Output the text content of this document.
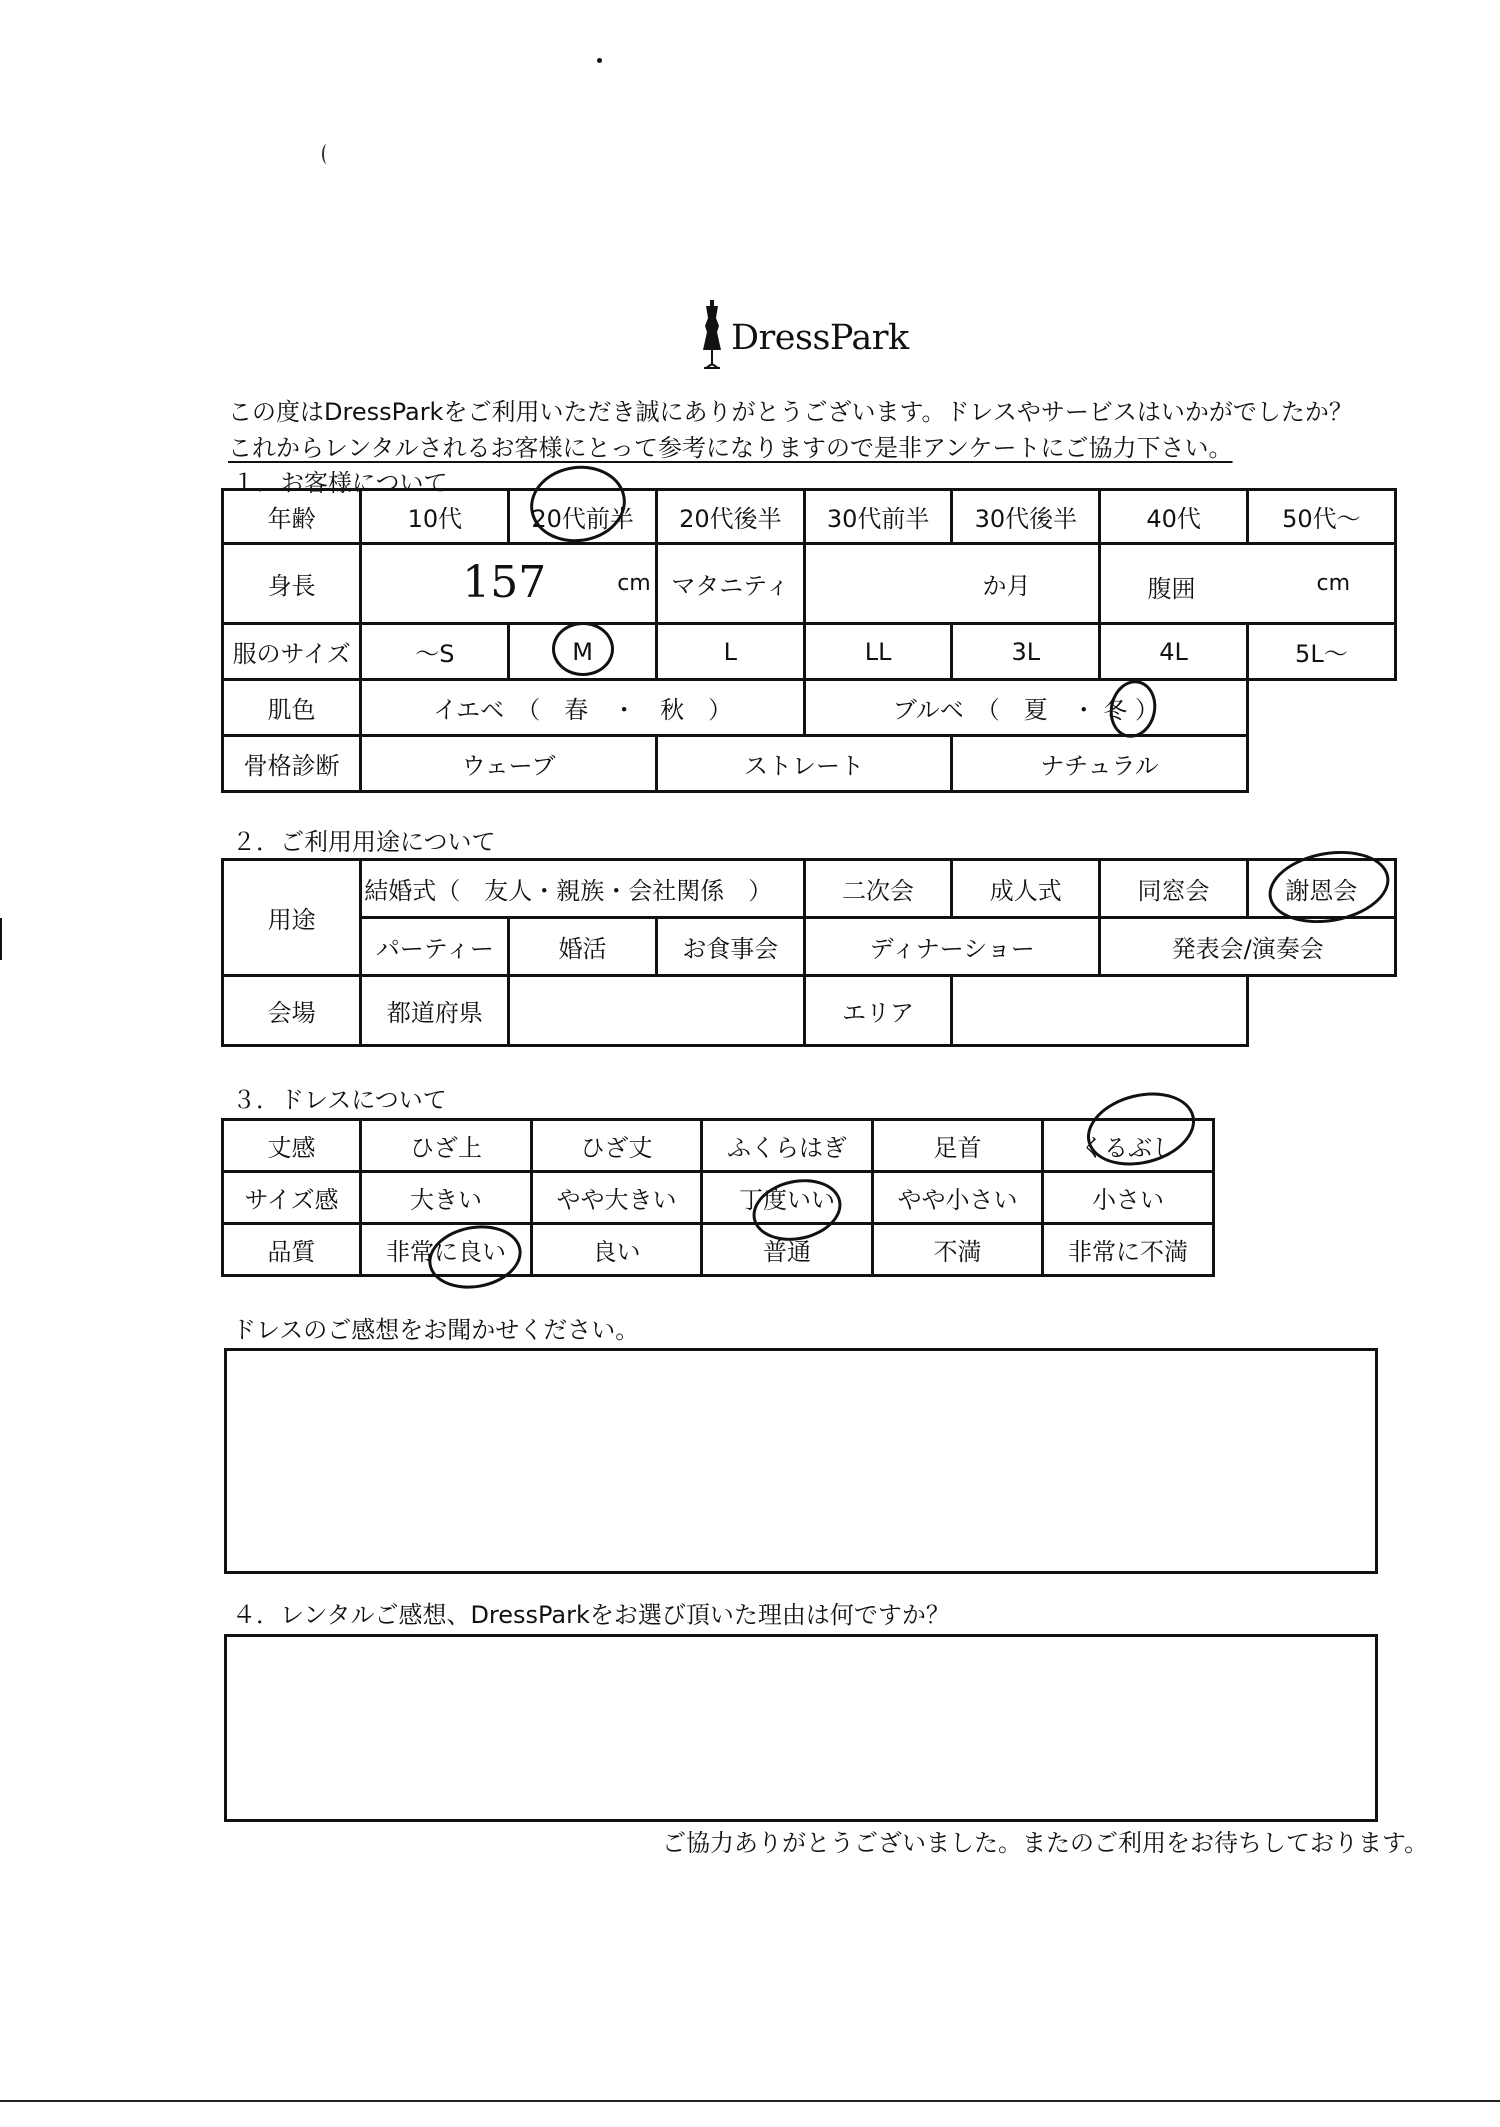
DressPark
この度はDressParkをご利用いただき誠にありがとうございます。ドレスやサービスはいかがでしたか？
これからレンタルされるお客様にとって参考になりますので是非アンケートにご協力下さい。
１．お客様について
年齢	10代	20代前半	20代後半	30代前半	30代後半	40代	50代～
身長	157 cm		マタニティ	か月		腹囲 cm	

服のサイズ	～S	M	L	LL	3L	4L	5L～
肌色	イエベ　（　春　・　秋　）			ブルベ　（　夏　・ 冬 ）			
骨格診断	ウェーブ		ストレート		ナチュラル		
２．ご利用用途について
用途	結婚式（　友人・親族・会社関係　）			二次会	成人式	同窓会	謝恩会
	パーティー	婚活	お食事会	ディナーショー		発表会/演奏会	
会場	都道府県			エリア			
３．ドレスについて
丈感	ひざ上	ひざ丈	ふくらはぎ	足首	くるぶし
サイズ感	大きい	やや大きい	丁度いい	やや小さい	小さい
品質	非常に良い	良い	普通	不満	非常に不満
ドレスのご感想をお聞かせください。
４．レンタルご感想、DressParkをお選び頂いた理由は何ですか？
ご協力ありがとうございました。またのご利用をお待ちしております。
